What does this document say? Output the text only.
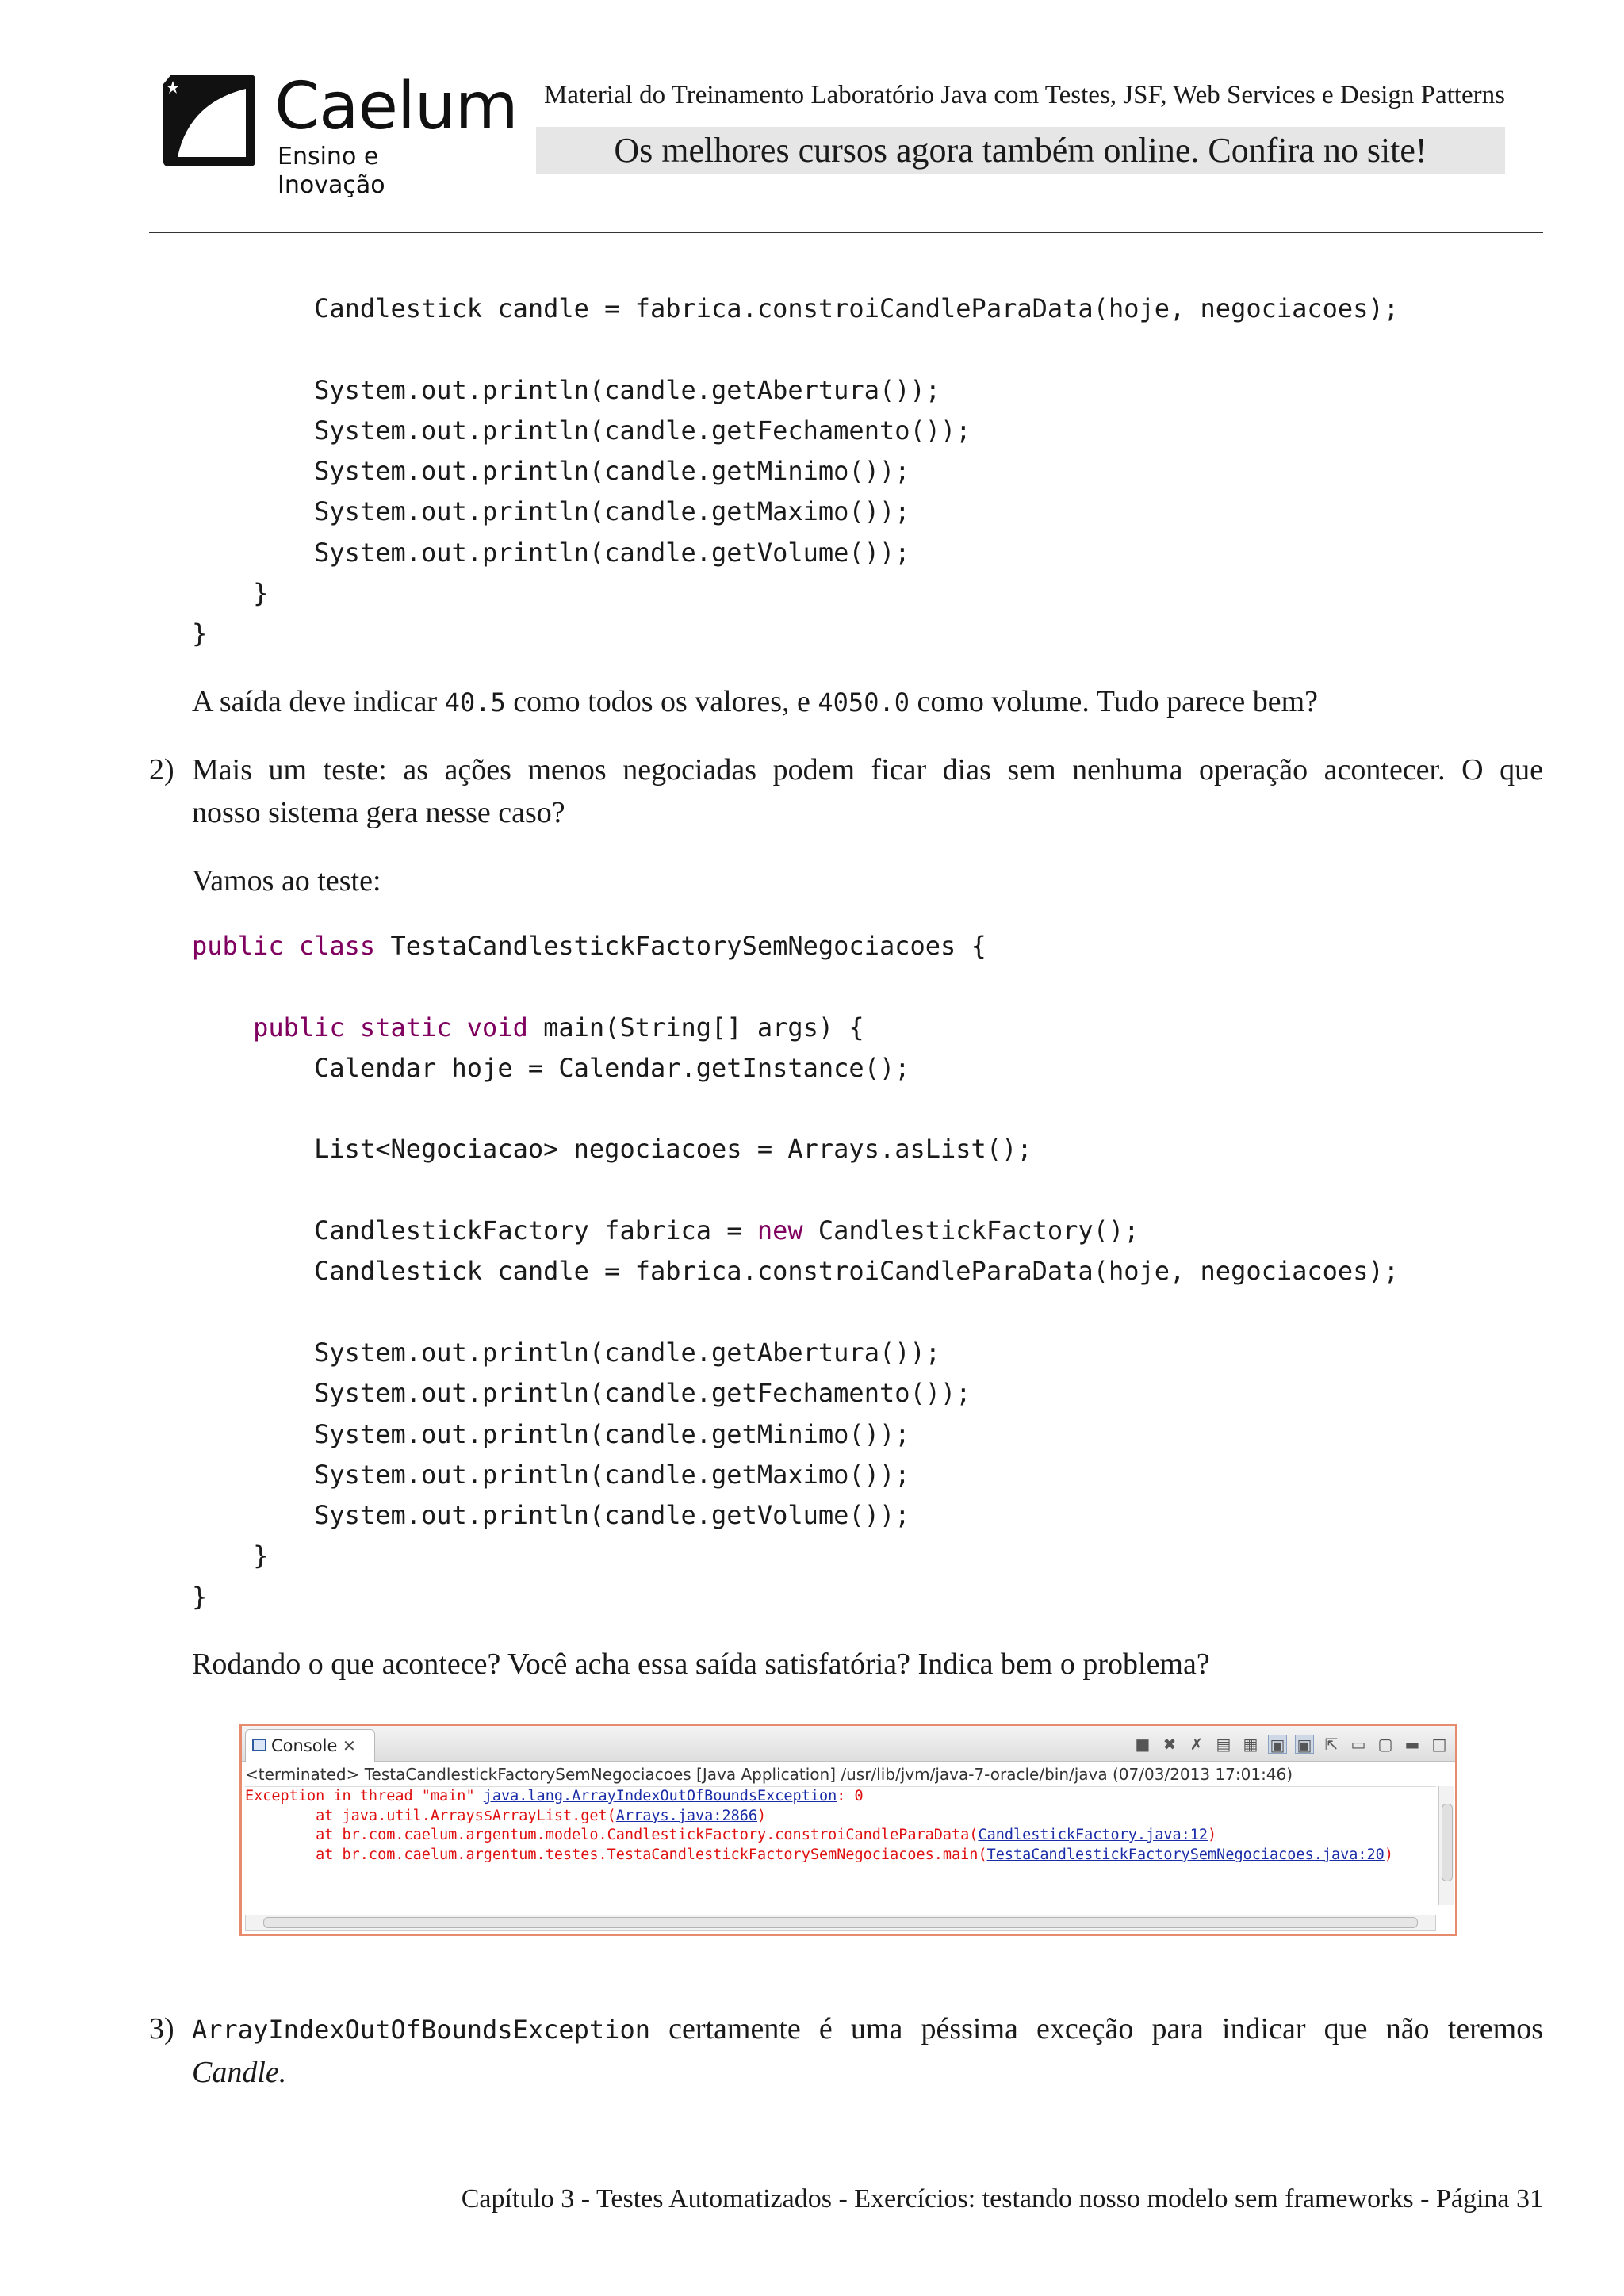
Caelum
Ensino e Inovação
Material do Treinamento Laboratório Java com Testes, JSF, Web Services e Design Patterns
Os melhores cursos agora também online. Confira no site!
Candlestick candle = fabrica.constroiCandleParaData(hoje, negociacoes);

System.out.println(candle.getAbertura());
System.out.println(candle.getFechamento());
System.out.println(candle.getMinimo());
System.out.println(candle.getMaximo());
System.out.println(candle.getVolume());
}
}
A saída deve indicar 40.5 como todos os valores, e 4050.0 como volume. Tudo parece bem?
2) Mais um teste: as ações menos negociadas podem ficar dias sem nenhuma operação acontecer. O que
nosso sistema gera nesse caso?
Vamos ao teste:
public class TestaCandlestickFactorySemNegociacoes {

public static void main(String[] args) {
Calendar hoje = Calendar.getInstance();

List<Negociacao> negociacoes = Arrays.asList();

CandlestickFactory fabrica = new CandlestickFactory();
Candlestick candle = fabrica.constroiCandleParaData(hoje, negociacoes);

System.out.println(candle.getAbertura());
System.out.println(candle.getFechamento());
System.out.println(candle.getMinimo());
System.out.println(candle.getMaximo());
System.out.println(candle.getVolume());
}
}
Rodando o que acontece? Você acha essa saída satisfatória? Indica bem o problema?
Console ✕	■ ✖ ✗ ▤ ▦ ▣ ▣ ⇱ ▭ ▢ ▬ □
<terminated> TestaCandlestickFactorySemNegociacoes [Java Application] /usr/lib/jvm/java-7-oracle/bin/java (07/03/2013 17:01:46)
Exception in thread "main" java.lang.ArrayIndexOutOfBoundsException: 0
at java.util.Arrays$ArrayList.get(Arrays.java:2866)
at br.com.caelum.argentum.modelo.CandlestickFactory.constroiCandleParaData(CandlestickFactory.java:12)
at br.com.caelum.argentum.testes.TestaCandlestickFactorySemNegociacoes.main(TestaCandlestickFactorySemNegociacoes.java:20)
3) ArrayIndexOutOfBoundsException certamente é uma péssima exceção para indicar que não teremos
Candle.
Capítulo 3 - Testes Automatizados - Exercícios: testando nosso modelo sem frameworks - Página 31
